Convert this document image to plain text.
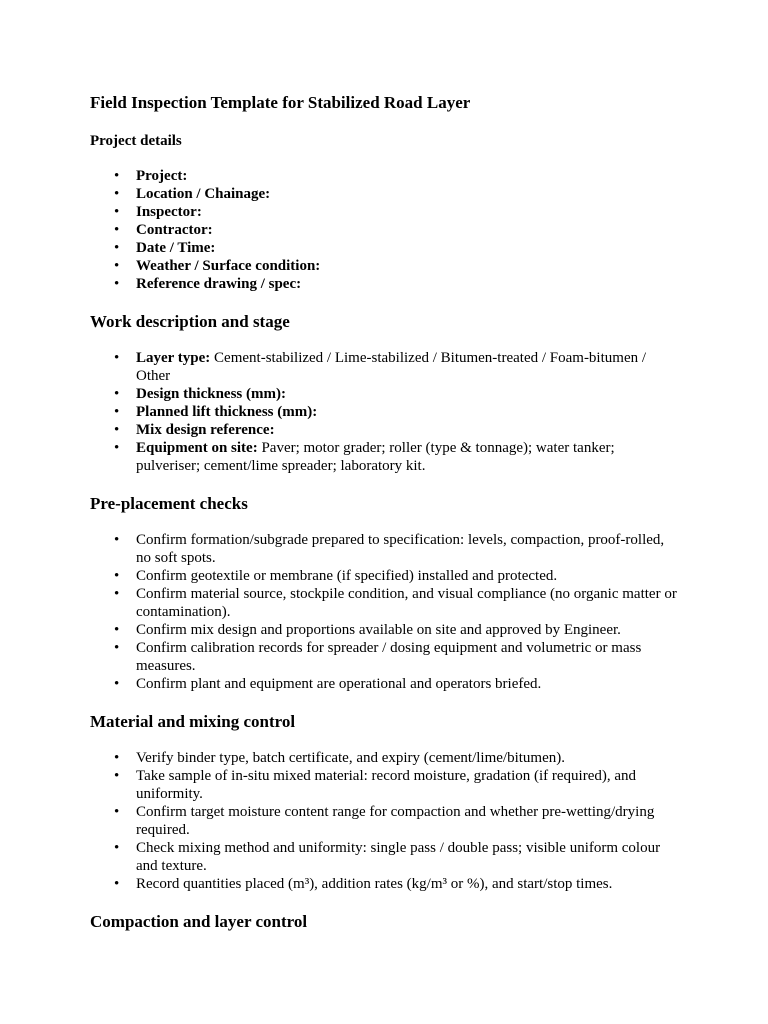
Field Inspection Template for Stabilized Road Layer
Project details
• Project:
• Location / Chainage:
• Inspector:
• Contractor:
• Date / Time:
• Weather / Surface condition:
• Reference drawing / spec:
Work description and stage
• Layer type: Cement-stabilized / Lime-stabilized / Bitumen-treated / Foam-bitumen / Other
• Design thickness (mm):
• Planned lift thickness (mm):
• Mix design reference:
• Equipment on site: Paver; motor grader; roller (type & tonnage); water tanker; pulveriser; cement/lime spreader; laboratory kit.
Pre-placement checks
• Confirm formation/subgrade prepared to specification: levels, compaction, proof-rolled, no soft spots.
• Confirm geotextile or membrane (if specified) installed and protected.
• Confirm material source, stockpile condition, and visual compliance (no organic matter or contamination).
• Confirm mix design and proportions available on site and approved by Engineer.
• Confirm calibration records for spreader / dosing equipment and volumetric or mass measures.
• Confirm plant and equipment are operational and operators briefed.
Material and mixing control
• Verify binder type, batch certificate, and expiry (cement/lime/bitumen).
• Take sample of in-situ mixed material: record moisture, gradation (if required), and uniformity.
• Confirm target moisture content range for compaction and whether pre-wetting/drying required.
• Check mixing method and uniformity: single pass / double pass; visible uniform colour and texture.
• Record quantities placed (m³), addition rates (kg/m³ or %), and start/stop times.
Compaction and layer control
